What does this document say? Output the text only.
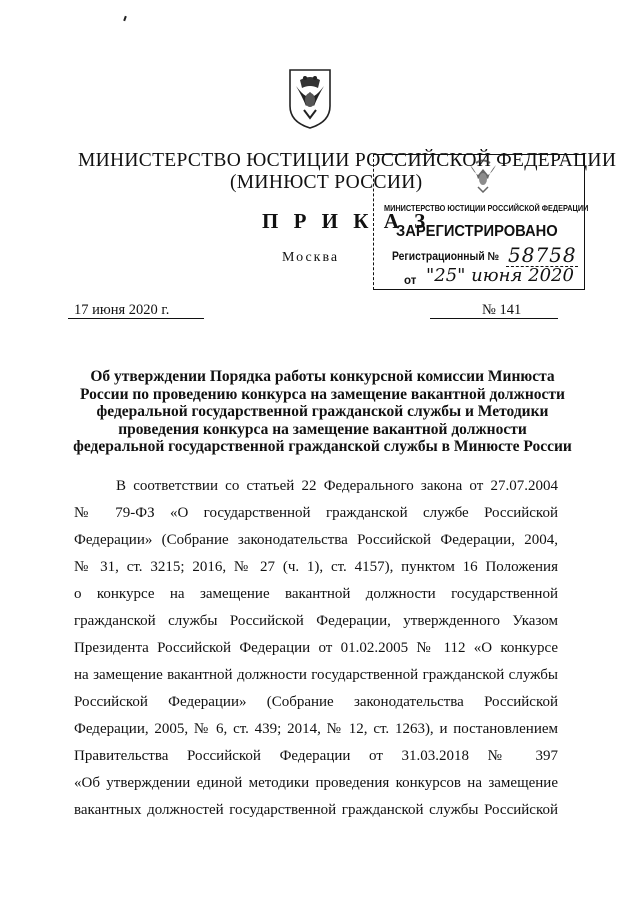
МИНИСТЕРСТВО ЮСТИЦИИ РОССИЙСКОЙ ФЕДЕРАЦИИ
(МИНЮСТ РОССИИ)
П Р И К А З
Москва
МИНИСТЕРСТВО ЮСТИЦИИ РОССИЙСКОЙ ФЕДЕРАЦИИ
ЗАРЕГИСТРИРОВАНО
Регистрационный № 58758
от "25" июня 2020
17 июня 2020 г.	№ 141
Об утверждении Порядка работы конкурсной комиссии Минюста
России по проведению конкурса на замещение вакантной должности
федеральной государственной гражданской службы и Методики
проведения конкурса на замещение вакантной должности
федеральной государственной гражданской службы в Минюсте России
В соответствии со статьей 22 Федерального закона от 27.07.2004
№ 79-ФЗ «О государственной гражданской службе Российской
Федерации» (Собрание законодательства Российской Федерации, 2004,
№ 31, ст. 3215; 2016, № 27 (ч. 1), ст. 4157), пунктом 16 Положения
о конкурсе на замещение вакантной должности государственной
гражданской службы Российской Федерации, утвержденного Указом
Президента Российской Федерации от 01.02.2005 № 112 «О конкурсе
на замещение вакантной должности государственной гражданской службы
Российской Федерации» (Собрание законодательства Российской
Федерации, 2005, № 6, ст. 439; 2014, № 12, ст. 1263), и постановлением
Правительства Российской Федерации от 31.03.2018 № 397
«Об утверждении единой методики проведения конкурсов на замещение
вакантных должностей государственной гражданской службы Российской
